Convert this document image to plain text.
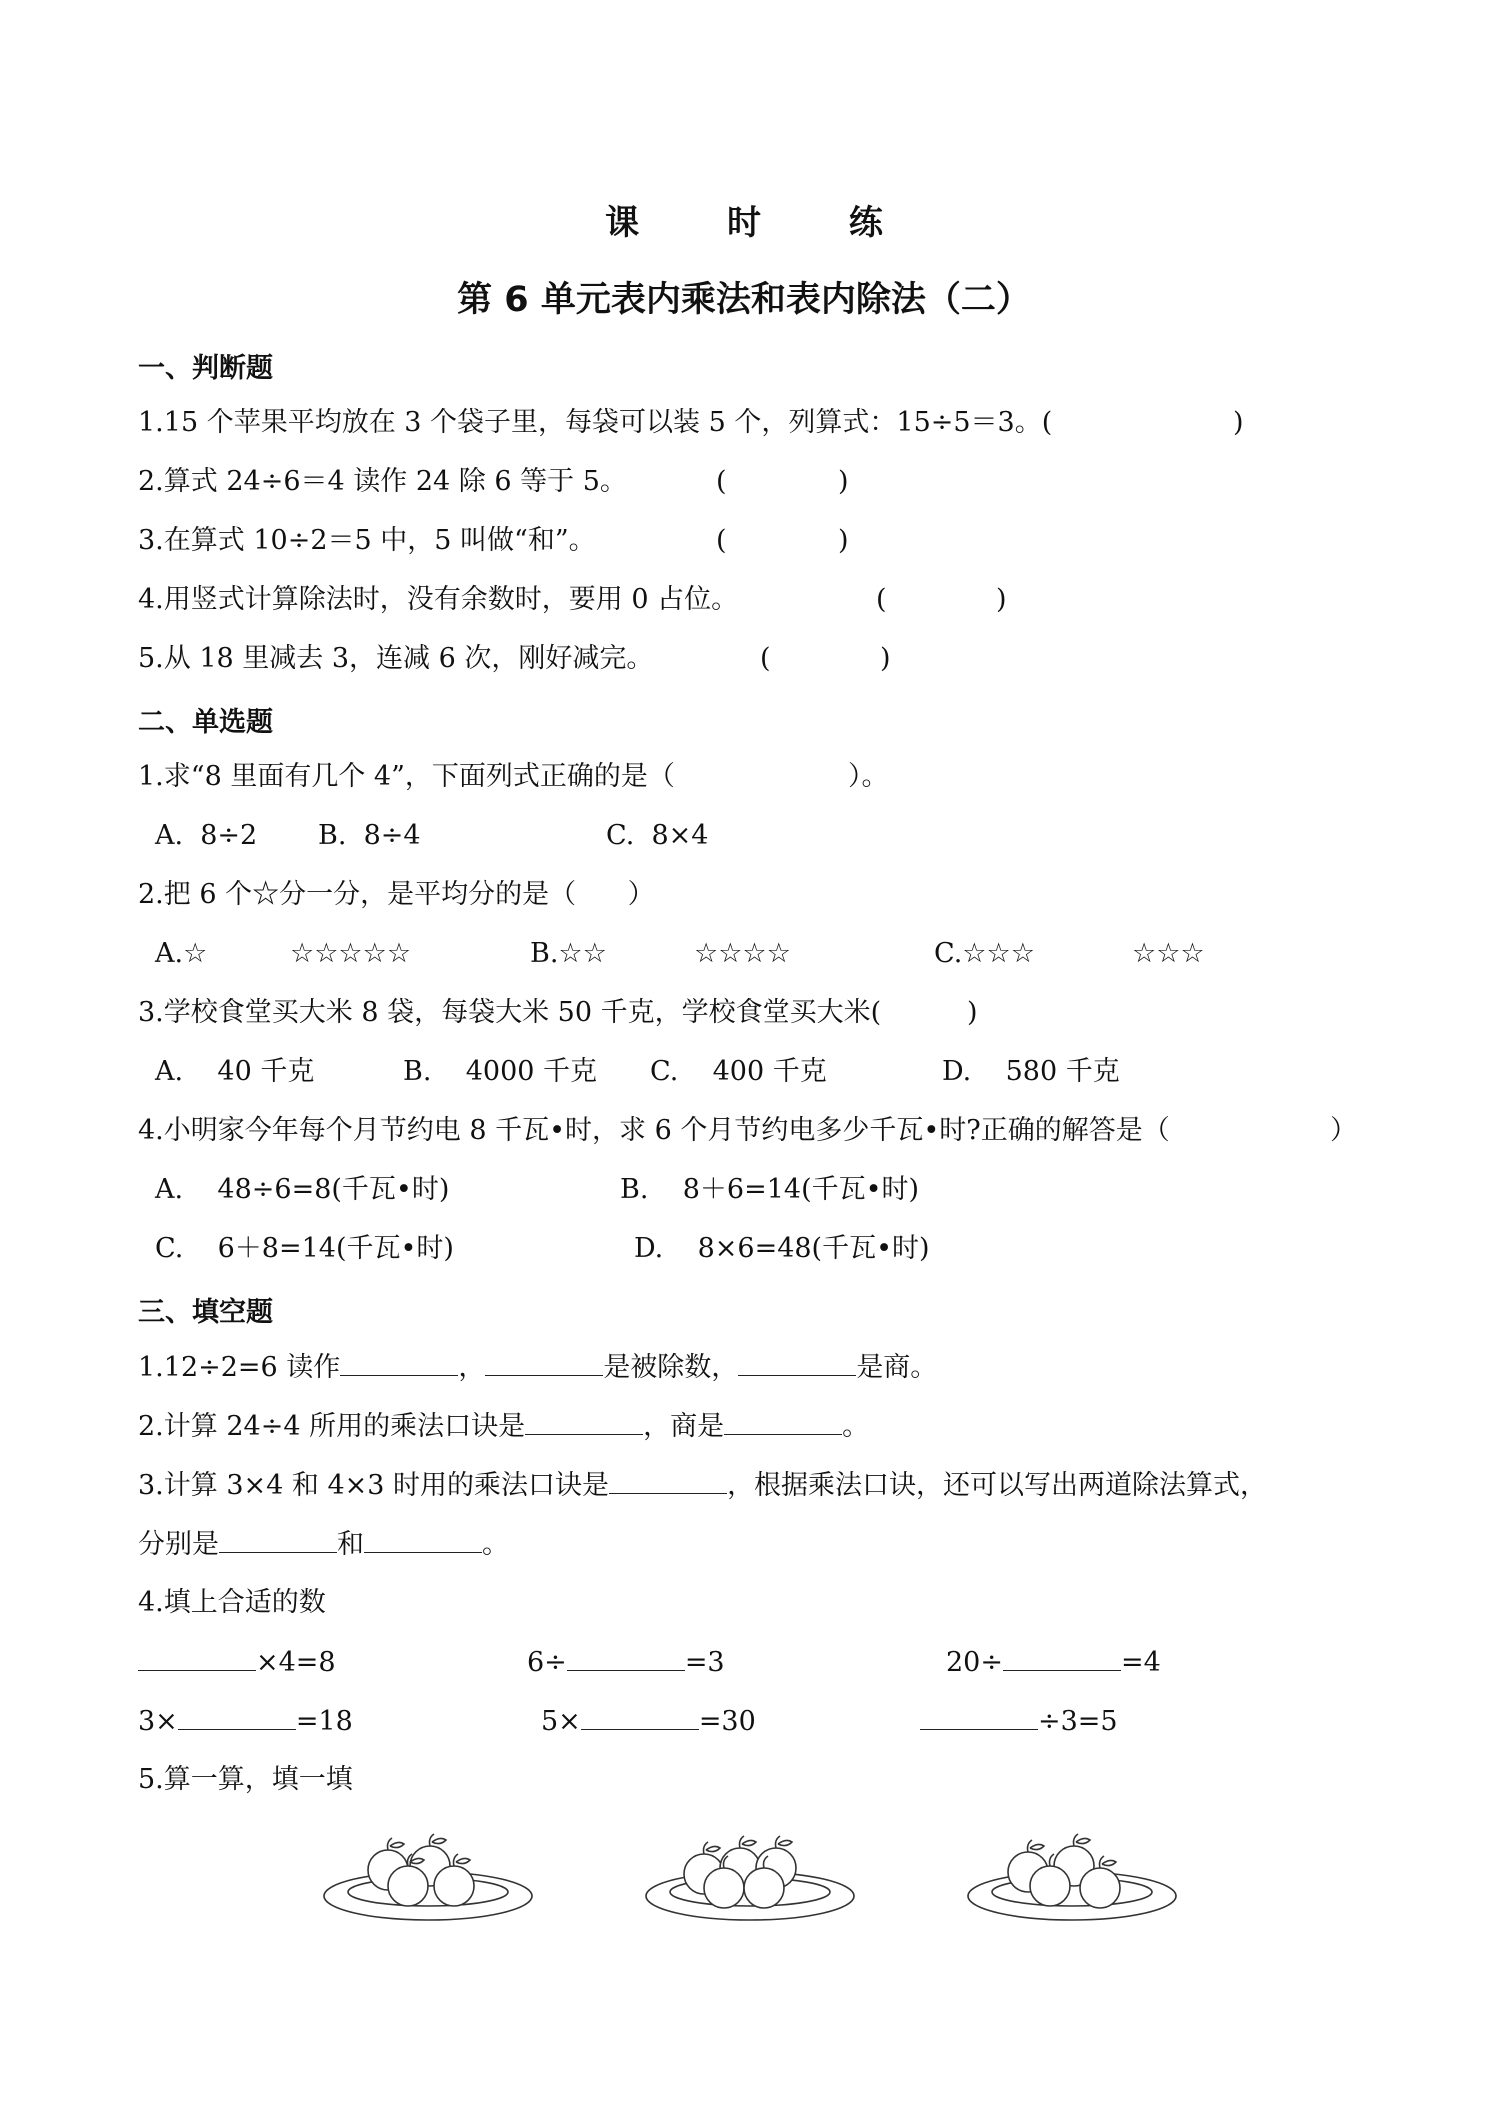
课 时 练
第 6 单元表内乘法和表内除法（二）
一、判断题
1.15 个苹果平均放在 3 个袋子里，每袋可以装 5 个，列算式：15÷5＝3。(	)
2.算式 24÷6＝4 读作 24 除 6 等于 5。	(	)
3.在算式 10÷2＝5 中，5 叫做“和”。	(	)
4.用竖式计算除法时，没有余数时，要用 0 占位。	(	)
5.从 18 里减去 3，连减 6 次，刚好减完。	(	)
二、单选题
1.求“8 里面有几个 4”，下面列式正确的是（	）。
A.  8÷2 B.  8÷4	C.  8×4
2.把 6 个☆分一分，是平均分的是（      ）
A.☆	☆☆☆☆☆	B.☆☆	☆☆☆☆	C.☆☆☆	☆☆☆
3.学校食堂买大米 8 袋，每袋大米 50 千克，学校食堂买大米(          )
A.    40 千克	B.    4000 千克 C.    400 千克	D.    580 千克
4.小明家今年每个月节约电 8 千瓦•时，求 6 个月节约电多少千瓦•时?正确的解答是（	）
A.    48÷6=8(千瓦•时)	B.    8＋6=14(千瓦•时)
C.    6＋8=14(千瓦•时)	D.    8×6=48(千瓦•时)
三、填空题
1.12÷2=6 读作	，	是被除数，	是商。
2.计算 24÷4 所用的乘法口诀是	，商是	。
3.计算 3×4 和 4×3 时用的乘法口诀是	，根据乘法口诀，还可以写出两道除法算式，
分别是	和	。
4.填上合适的数
×4=8	6÷	=3	20÷	=4
3×	=18	5×	=30	÷3=5
5.算一算，填一填
